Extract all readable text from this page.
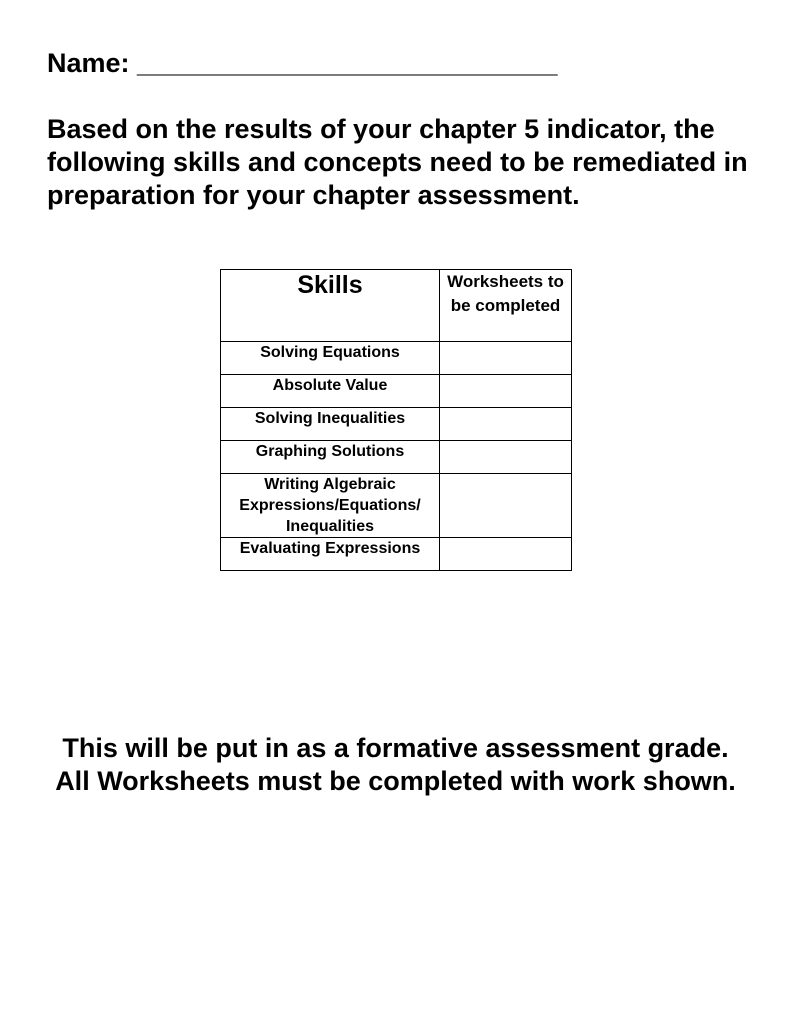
Name: ____________________________

Based on the results of your chapter 5 indicator, the following skills and concepts need to be remediated in preparation for your chapter assessment.

Skills	Worksheets to be completed
Solving Equations	
Absolute Value	
Solving Inequalities	
Graphing Solutions	
Writing Algebraic Expressions/Equations/ Inequalities	
Evaluating Expressions	

This will be put in as a formative assessment grade.    All Worksheets must be completed with work shown.
